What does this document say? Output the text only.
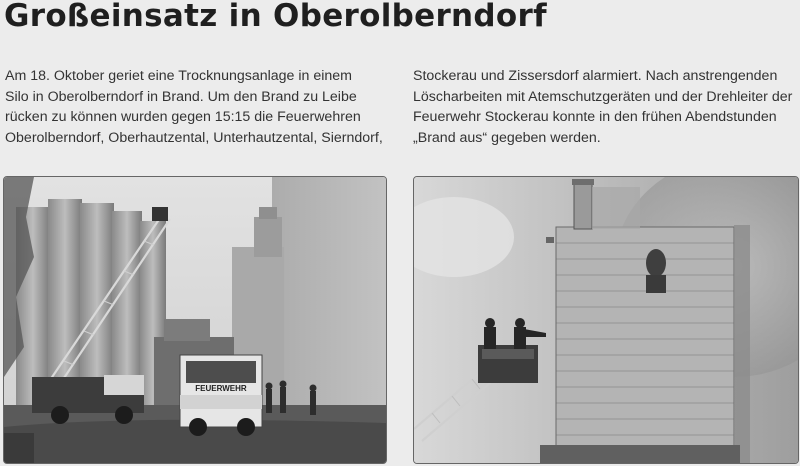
Großeinsatz in Oberolberndorf
Am 18. Oktober geriet eine Trocknungsanlage in einem
Silo in Oberolberndorf in Brand. Um den Brand zu Leibe
rücken zu können wurden gegen 15:15 die Feuerwehren
Oberolberndorf, Oberhautzental, Unterhautzental, Sierndorf,
Stockerau und Zissersdorf alarmiert. Nach anstrengenden
Löscharbeiten mit Atemschutzgeräten und der Drehleiter der
Feuerwehr Stockerau konnte in den frühen Abendstunden
„Brand aus“ gegeben werden.
FEUERWEHR
